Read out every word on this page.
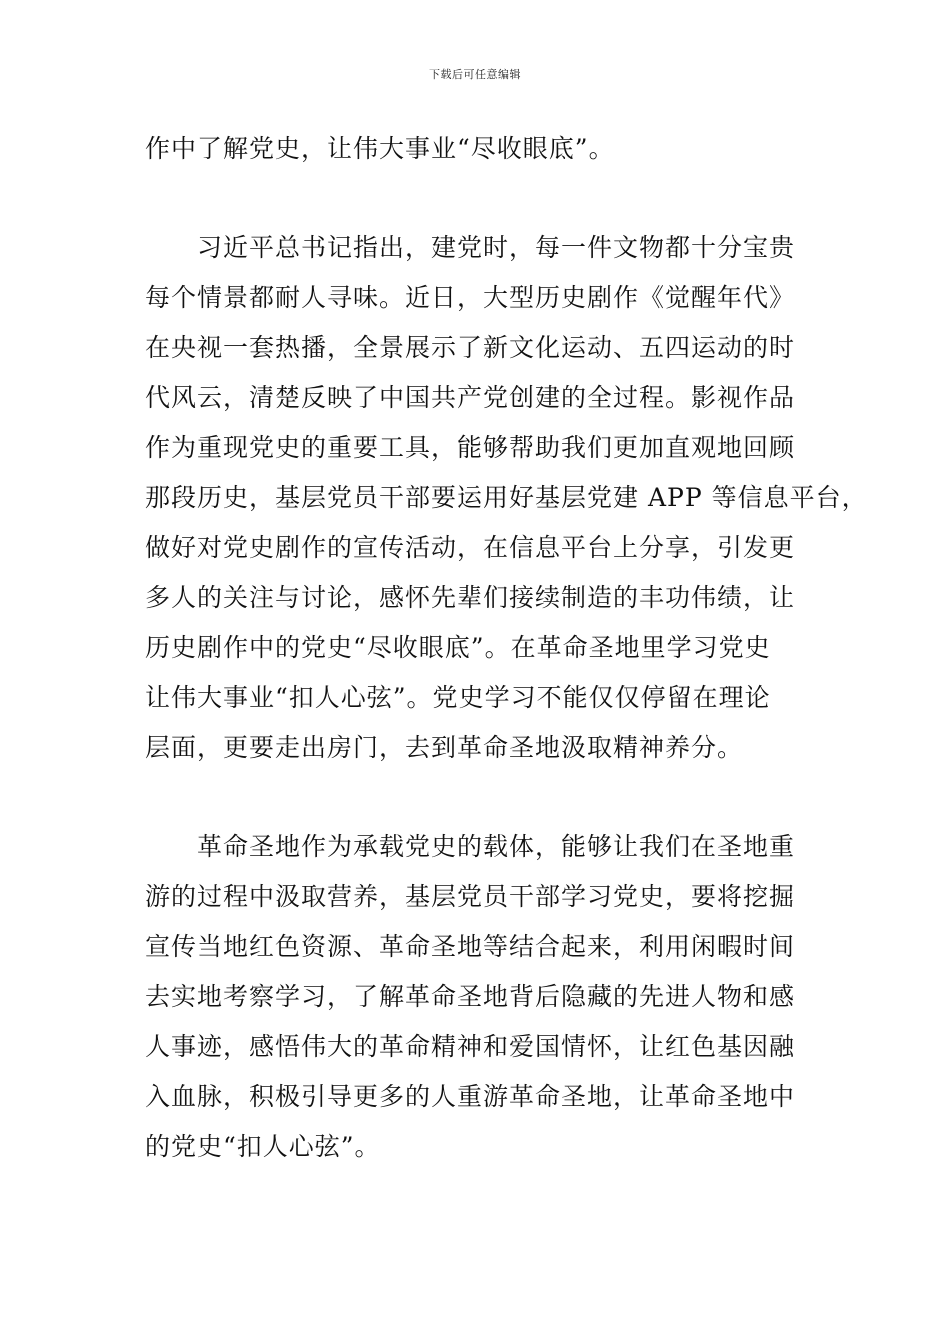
下载后可任意编辑
作中了解党史，让伟大事业“尽收眼底”。
　　习近平总书记指出，建党时，每一件文物都十分宝贵
每个情景都耐人寻味。近日，大型历史剧作《觉醒年代》
在央视一套热播，全景展示了新文化运动、五四运动的时
代风云，清楚反映了中国共产党创建的全过程。影视作品
作为重现党史的重要工具，能够帮助我们更加直观地回顾
那段历史，基层党员干部要运用好基层党建 APP 等信息平台，
做好对党史剧作的宣传活动，在信息平台上分享，引发更
多人的关注与讨论，感怀先辈们接续制造的丰功伟绩，让
历史剧作中的党史“尽收眼底”。在革命圣地里学习党史
让伟大事业“扣人心弦”。党史学习不能仅仅停留在理论
层面，更要走出房门，去到革命圣地汲取精神养分。
　　革命圣地作为承载党史的载体，能够让我们在圣地重
游的过程中汲取营养，基层党员干部学习党史，要将挖掘
宣传当地红色资源、革命圣地等结合起来，利用闲暇时间
去实地考察学习，了解革命圣地背后隐藏的先进人物和感
人事迹，感悟伟大的革命精神和爱国情怀，让红色基因融
入血脉，积极引导更多的人重游革命圣地，让革命圣地中
的党史“扣人心弦”。
